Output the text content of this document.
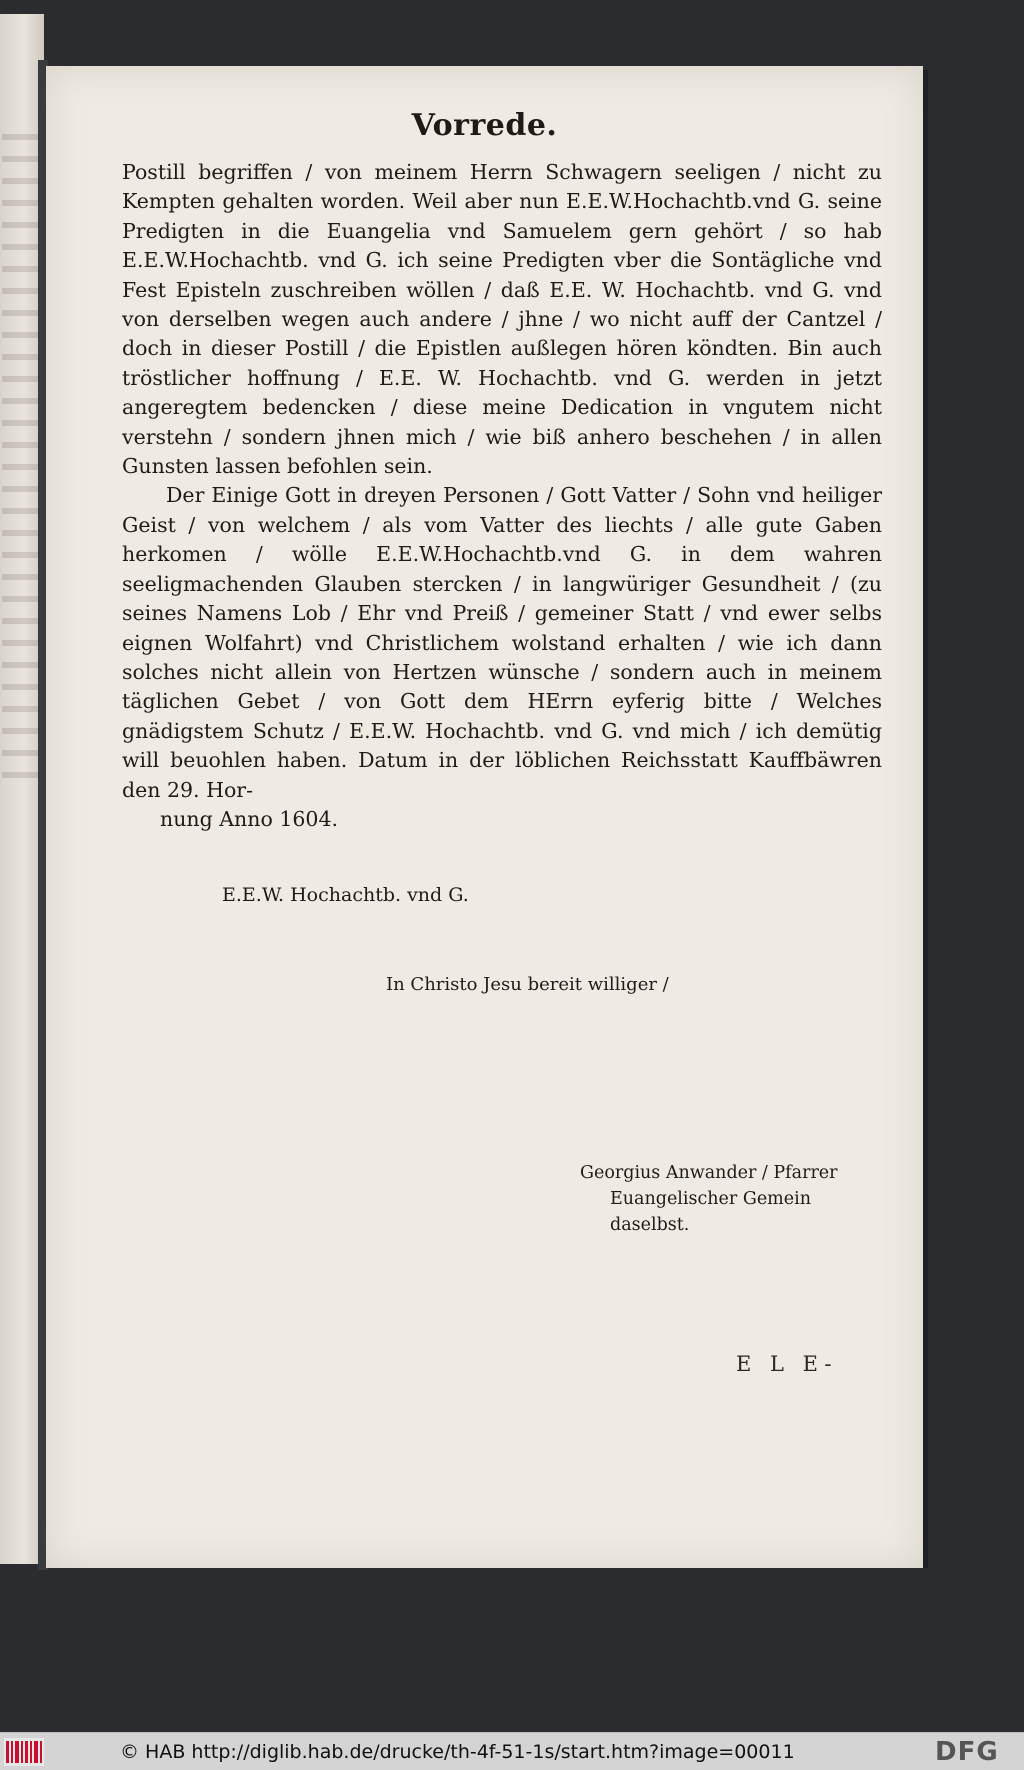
Vorrede.

Postill begriffen / von meinem Herrn Schwagern seeligen / nicht zu Kempten gehalten worden. Weil aber nun E.E.W.Hochachtb.vnd G. seine Predigten in die Euangelia vnd Samuelem gern gehört / so hab E.E.W.Hochachtb. vnd G. ich seine Predigten vber die Sontägliche vnd Fest Episteln zuschreiben wöllen / daß E.E. W. Hochachtb. vnd G. vnd von derselben wegen auch andere / jhne / wo nicht auff der Cantzel / doch in dieser Postill / die Epistlen außlegen hören köndten. Bin auch tröstlicher hoffnung / E.E. W. Hochachtb. vnd G. werden in jetzt angeregtem bedencken / diese meine Dedication in vngutem nicht verstehn / sondern jhnen mich / wie biß anhero beschehen / in allen Gunsten lassen befohlen sein.

Der Einige Gott in dreyen Personen / Gott Vatter / Sohn vnd heiliger Geist / von welchem / als vom Vatter des liechts / alle gute Gaben herkomen / wölle E.E.W.Hochachtb.vnd G. in dem wahren seeligmachenden Glauben stercken / in langwüriger Gesundheit / (zu seines Namens Lob / Ehr vnd Preiß / gemeiner Statt / vnd ewer selbs eignen Wolfahrt) vnd Christlichem wolstand erhalten / wie ich dann solches nicht allein von Hertzen wünsche / sondern auch in meinem täglichen Gebet / von Gott dem HErrn eyferig bitte / Welches gnädigstem Schutz / E.E.W. Hochachtb. vnd G. vnd mich / ich demütig will beuohlen haben. Datum in der löblichen Reichsstatt Kauffbäwren den 29. Hor-

nung Anno 1604.

E.E.W. Hochachtb. vnd G.
In Christo Jesu bereit williger /
Georgius Anwander / Pfarrer
Euangelischer Gemein
daselbst.
E L E-
© HAB http://diglib.hab.de/drucke/th-4f-51-1s/start.htm?image=00011	DFG
